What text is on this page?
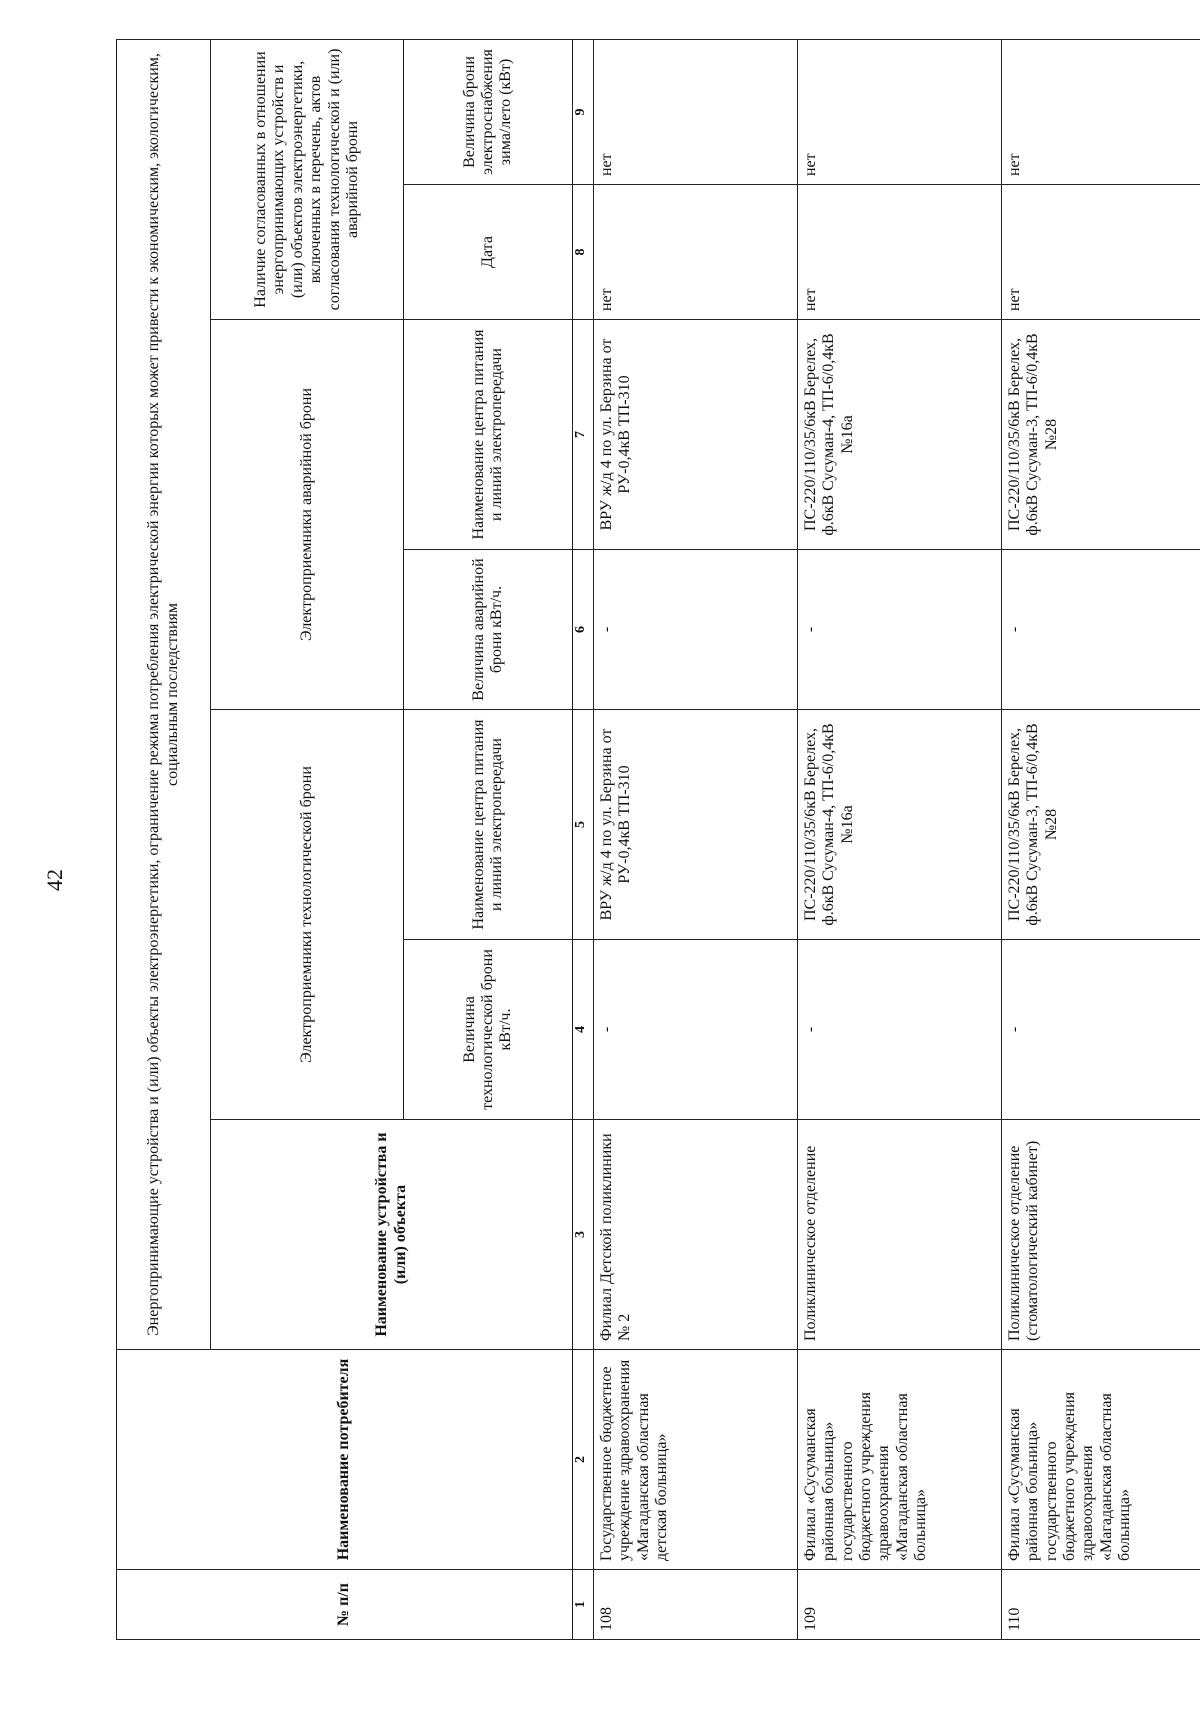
42
№ п/п	Наименование потребителя	Энергопринимающие устройства и (или) объекты электроэнергетики, ограничение режима потребления электрической энергии которых может привести к экономическим, экологическим, социальным последствиям						
		Наименование устройства и (или) объекта	Электроприемники технологической брони		Электроприемники аварийной брони		Наличие согласованных в отношении энергопринимающих устройств и (или) объектов электроэнергетики, включенных в перечень, актов согласования технологической и (или) аварийной брони	
			Величина технологической брони кВт/ч.	Наименование центра питания и линий электропередачи	Величина аварийной брони кВт/ч.	Наименование центра питания и линий электропередачи	Дата	Величина брони электроснабжения зима/лето (кВт)
1	2	3	4	5	6	7	8	9
108	Государственное бюджетное учреждение здравоохранения «Магаданская областная детская больница»	Филиал Детской поликлиники № 2	-	ВРУ ж/д 4 по ул. Берзина от РУ-0,4кВ ТП-310	-	ВРУ ж/д 4 по ул. Берзина от РУ-0,4кВ ТП-310	нет	нет
109	Филиал «Сусуманская районная больница» государственного бюджетного учреждения здравоохранения «Магаданская областная больница»	Поликлиническое отделение	-	ПС-220/110/35/6кВ Берелех, ф.6кВ Сусуман-4, ТП-6/0,4кВ №16а	-	ПС-220/110/35/6кВ Берелех, ф.6кВ Сусуман-4, ТП-6/0,4кВ №16а	нет	нет
110	Филиал «Сусуманская районная больница» государственного бюджетного учреждения здравоохранения «Магаданская областная больница»	Поликлиническое отделение (стоматологический кабинет)	-	ПС-220/110/35/6кВ Берелех, ф.6кВ Сусуман-3, ТП-6/0,4кВ №28	-	ПС-220/110/35/6кВ Берелех, ф.6кВ Сусуман-3, ТП-6/0,4кВ №28	нет	нет
